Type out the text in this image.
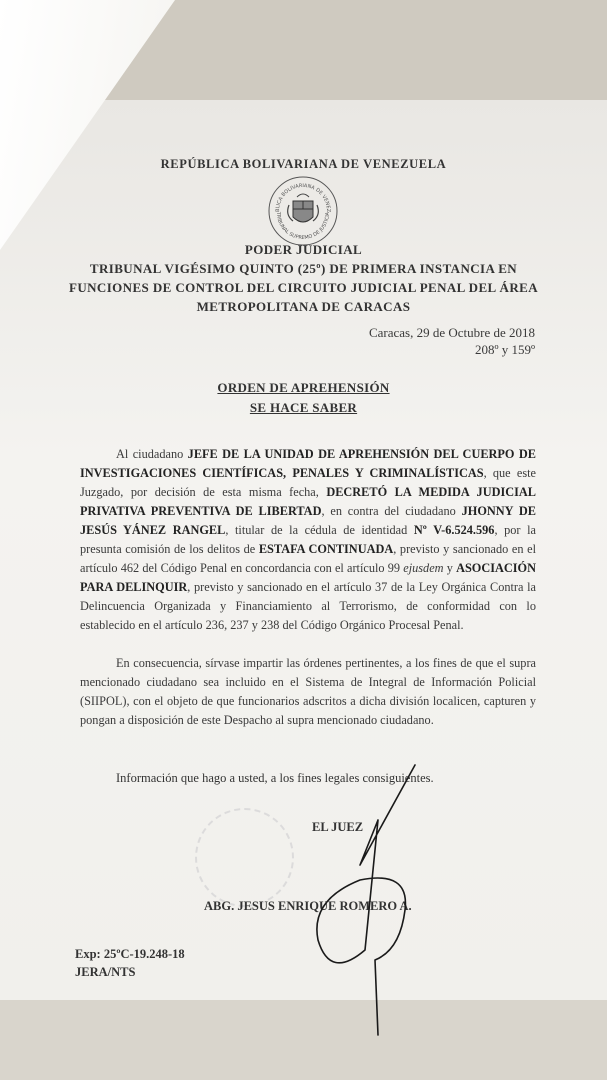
REPÚBLICA BOLIVARIANA DE VENEZUELA
BLICA BOLIVARIANA DE VENEZ
TRIBUNAL SUPREMO DE JUSTICIA
PODER JUDICIAL
TRIBUNAL VIGÉSIMO QUINTO (25º) DE PRIMERA INSTANCIA EN
FUNCIONES DE CONTROL DEL CIRCUITO JUDICIAL PENAL DEL ÁREA
METROPOLITANA DE CARACAS
Caracas, 29 de Octubre de 2018
208º y 159º
ORDEN DE APREHENSIÓN
SE HACE SABER
Al ciudadano JEFE DE LA UNIDAD DE APREHENSIÓN DEL CUERPO DE INVESTIGACIONES CIENTÍFICAS, PENALES Y CRIMINALÍSTICAS, que este Juzgado, por decisión de esta misma fecha, DECRETÓ LA MEDIDA JUDICIAL PRIVATIVA PREVENTIVA DE LIBERTAD, en contra del ciudadano JHONNY DE JESÚS YÁNEZ RANGEL, titular de la cédula de identidad Nº V-6.524.596, por la presunta comisión de los delitos de ESTAFA CONTINUADA, previsto y sancionado en el artículo 462 del Código Penal en concordancia con el artículo 99 ejusdem y ASOCIACIÓN PARA DELINQUIR, previsto y sancionado en el artículo 37 de la Ley Orgánica Contra la Delincuencia Organizada y Financiamiento al Terrorismo, de conformidad con lo establecido en el artículo 236, 237 y 238 del Código Orgánico Procesal Penal.
En consecuencia, sírvase impartir las órdenes pertinentes, a los fines de que el supra mencionado ciudadano sea incluido en el Sistema de Integral de Información Policial (SIIPOL), con el objeto de que funcionarios adscritos a dicha división localicen, capturen y pongan a disposición de este Despacho al supra mencionado ciudadano.
Información que hago a usted, a los fines legales consiguientes.
EL JUEZ
ABG. JESUS ENRIQUE ROMERO A.
Exp: 25ºC-19.248-18
JERA/NTS
